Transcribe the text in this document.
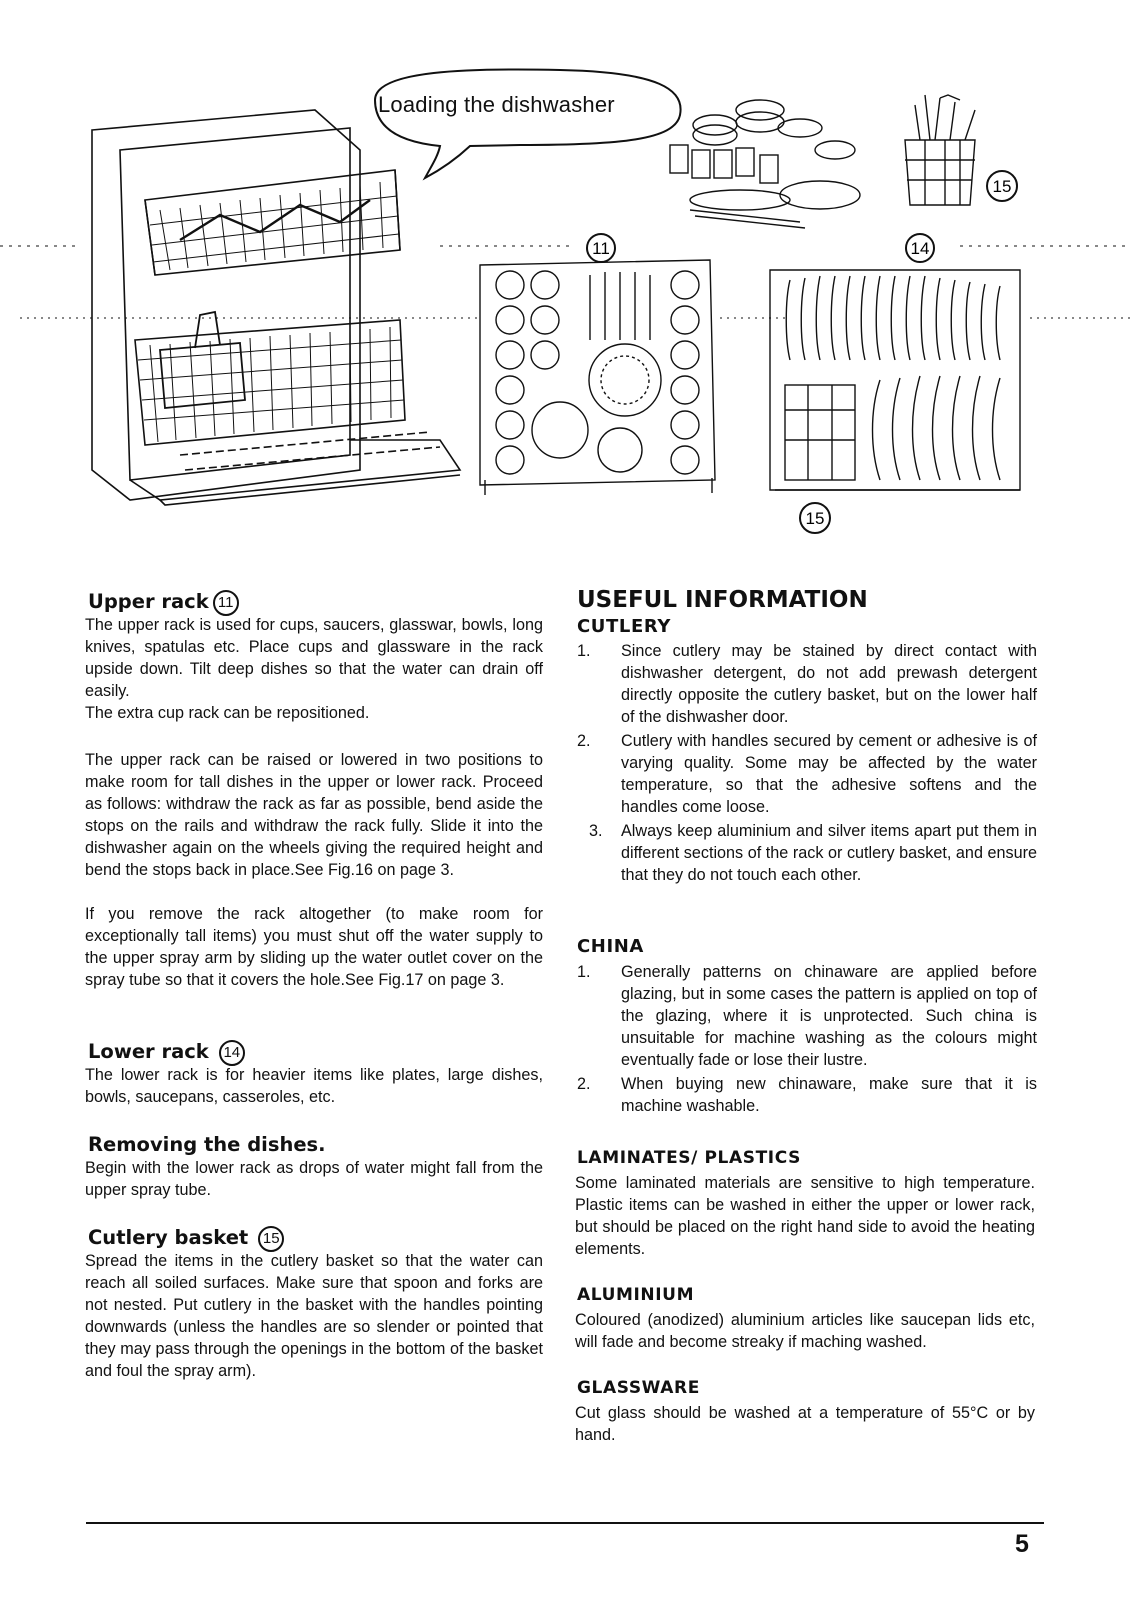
11
15
14
15
Loading the dishwasher
Upper rack 11
The upper rack is used for cups, saucers, glasswar, bowls, long knives, spatulas etc. Place cups and glassware in the rack upside down. Tilt deep dishes so that the water can drain off easily.
The extra cup rack can be repositioned.
The upper rack can be raised or lowered in two positions to make room for tall dishes in the upper or lower rack. Proceed as follows: withdraw the rack as far as possible, bend aside the stops on the rails and withdraw the rack fully. Slide it into the dishwasher again on the wheels giving the required height and bend the stops back in place.See Fig.16 on page 3.
If you remove the rack altogether (to make room for exceptionally tall items) you must shut off the water supply to the upper spray arm by sliding up the water outlet cover on the spray tube so that it covers the hole.See Fig.17 on page 3.
Lower rack 14
The lower rack is for heavier items like plates, large dishes, bowls, saucepans, casseroles, etc.
Removing the dishes.
Begin with the lower rack as drops of water might fall from the upper spray tube.
Cutlery basket 15
Spread the items in the cutlery basket so that the water can reach all soiled surfaces. Make sure that spoon and forks are not nested. Put cutlery in the basket with the handles pointing downwards (unless the handles are so slender or pointed that they may pass through the openings in the bottom of the basket and foul the spray arm).
USEFUL INFORMATION
CUTLERY
1. Since cutlery may be stained by direct contact with dishwasher detergent, do not add prewash detergent directly opposite the cutlery basket, but on the lower half of the dishwasher door.
2. Cutlery with handles secured by cement or adhesive is of varying quality. Some may be affected by the water temperature, so that the adhesive softens and the handles come loose.
3. Always keep aluminium and silver items apart put them in different sections of the rack or cutlery basket, and ensure that they do not touch each other.
CHINA
1. Generally patterns on chinaware are applied before glazing, but in some cases the pattern is applied on top of the glazing, where it is unprotected. Such china is unsuitable for machine washing as the colours might eventually fade or lose their lustre.
2. When buying new chinaware, make sure that it is machine washable.
LAMINATES/ PLASTICS
Some laminated materials are sensitive to high temperature. Plastic items can be washed in either the upper or lower rack, but should be placed on the right hand side to avoid the heating elements.
ALUMINIUM
Coloured (anodized) aluminium articles like saucepan lids etc, will fade and become streaky if maching washed.
GLASSWARE
Cut glass should be washed at a temperature of 55°C or by hand.
5
